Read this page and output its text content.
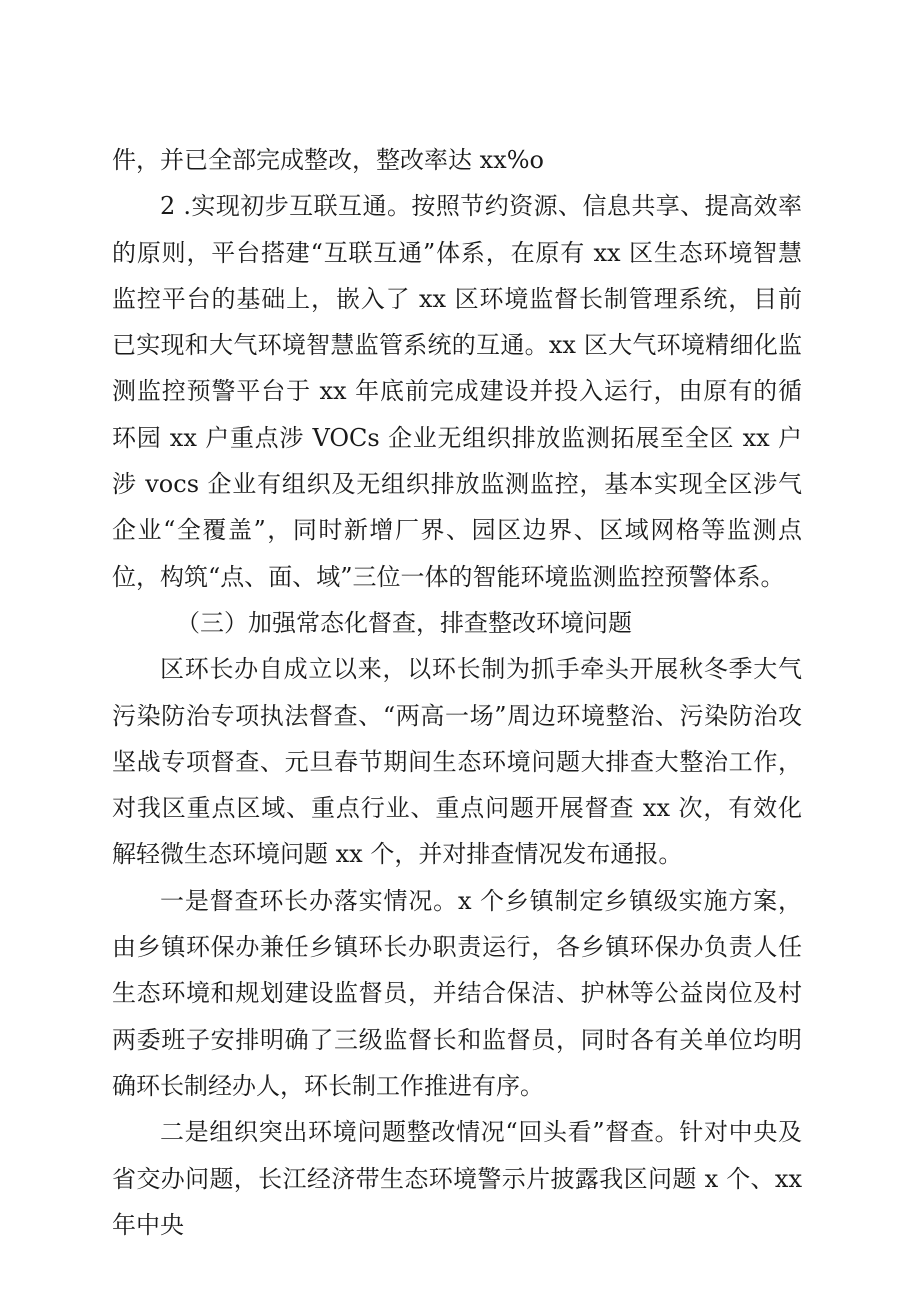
件，并已全部完成整改，整改率达 xx%o

2 .实现初步互联互通。按照节约资源、信息共享、提高效率的原则，平台搭建“互联互通”体系，在原有 xx 区生态环境智慧监控平台的基础上，嵌入了 xx 区环境监督长制管理系统，目前已实现和大气环境智慧监管系统的互通。xx 区大气环境精细化监测监控预警平台于 xx 年底前完成建设并投入运行，由原有的循环园 xx 户重点涉 VOCs 企业无组织排放监测拓展至全区 xx 户涉 vocs 企业有组织及无组织排放监测监控，基本实现全区涉气企业“全覆盖”，同时新增厂界、园区边界、区域网格等监测点位，构筑“点、面、域”三位一体的智能环境监测监控预警体系。

（三）加强常态化督查，排查整改环境问题

区环长办自成立以来，以环长制为抓手牵头开展秋冬季大气污染防治专项执法督查、“两高一场”周边环境整治、污染防治攻坚战专项督查、元旦春节期间生态环境问题大排查大整治工作，对我区重点区域、重点行业、重点问题开展督查 xx 次，有效化解轻微生态环境问题 xx 个，并对排查情况发布通报。

一是督查环长办落实情况。x 个乡镇制定乡镇级实施方案，由乡镇环保办兼任乡镇环长办职责运行，各乡镇环保办负责人任生态环境和规划建设监督员，并结合保洁、护林等公益岗位及村两委班子安排明确了三级监督长和监督员，同时各有关单位均明确环长制经办人，环长制工作推进有序。

二是组织突出环境问题整改情况“回头看”督查。针对中央及省交办问题，长江经济带生态环境警示片披露我区问题 x 个、xx 年中央
